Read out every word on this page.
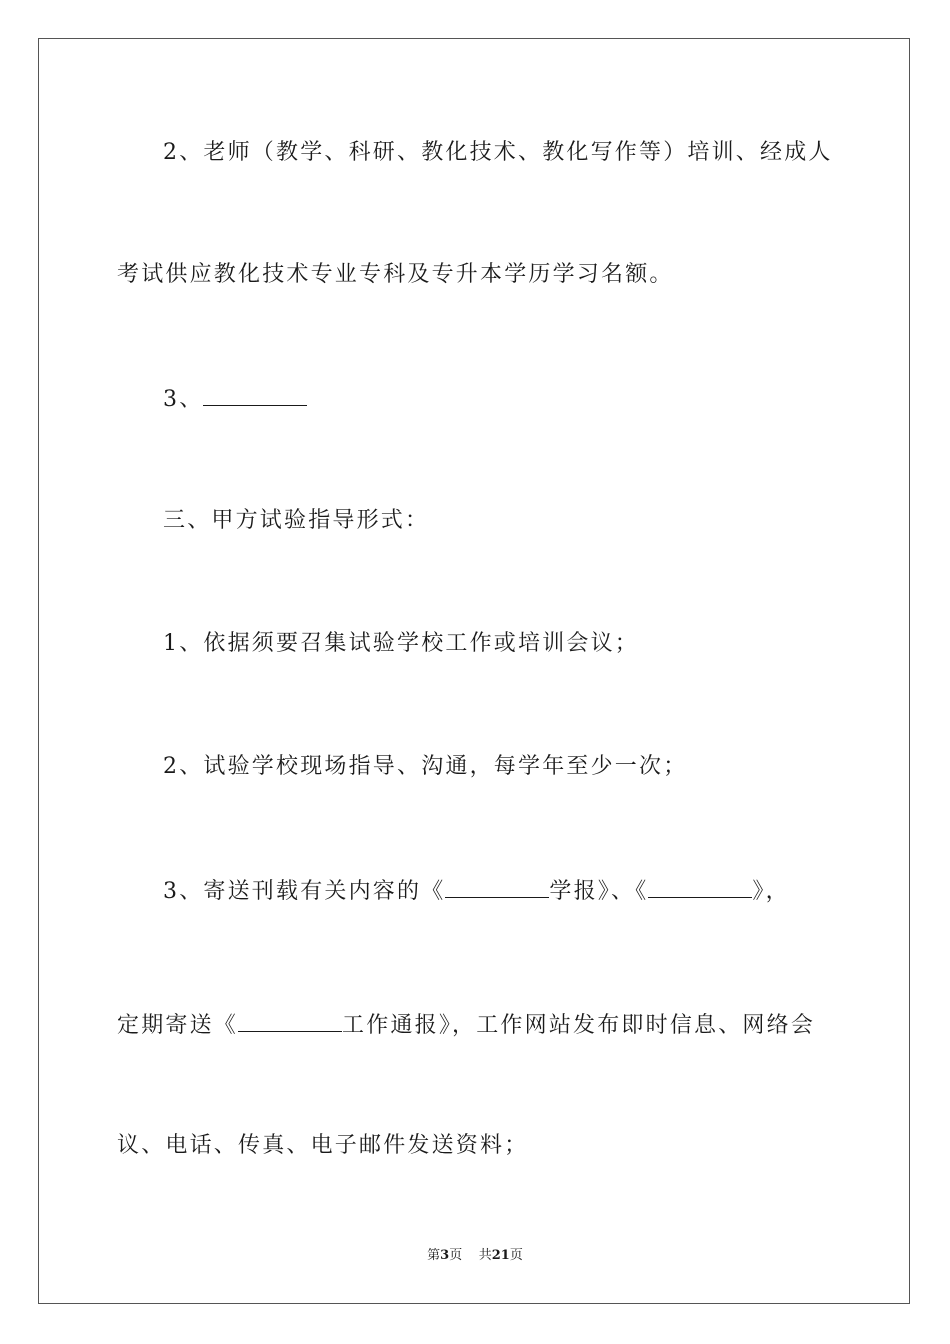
2、老师（教学、科研、教化技术、教化写作等）培训、经成人
考试供应教化技术专业专科及专升本学历学习名额。
3、
三、甲方试验指导形式：
1、依据须要召集试验学校工作或培训会议；
2、试验学校现场指导、沟通，每学年至少一次；
3、寄送刊载有关内容的《	学报》、《	》，
定期寄送《	工作通报》，工作网站发布即时信息、网络会
议、电话、传真、电子邮件发送资料；
第3页 共21页
